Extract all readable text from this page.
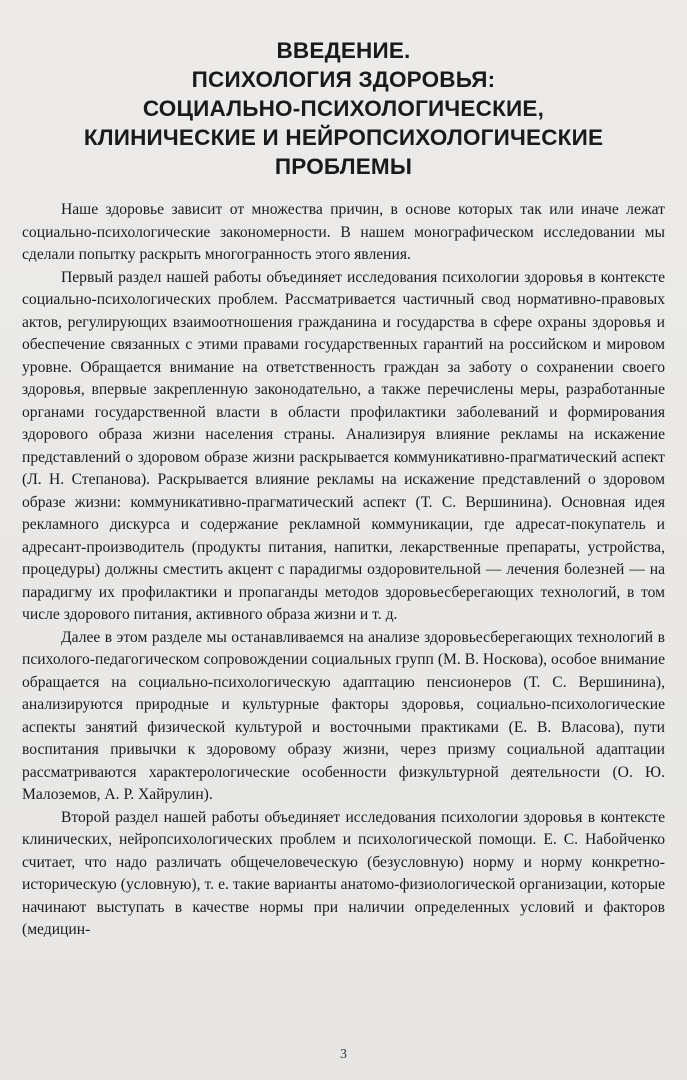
ВВЕДЕНИЕ.
ПСИХОЛОГИЯ ЗДОРОВЬЯ:
СОЦИАЛЬНО-ПСИХОЛОГИЧЕСКИЕ,
КЛИНИЧЕСКИЕ И НЕЙРОПСИХОЛОГИЧЕСКИЕ
ПРОБЛЕМЫ

Наше здоровье зависит от множества причин, в основе которых так или иначе лежат социально-психологические закономерности. В нашем монографическом исследовании мы сделали попытку раскрыть многогранность этого явления.

Первый раздел нашей работы объединяет исследования психологии здоровья в контексте социально-психологических проблем. Рассматривается частичный свод нормативно-правовых актов, регулирующих взаимоотношения гражданина и государства в сфере охраны здоровья и обеспечение связанных с этими правами государственных гарантий на российском и мировом уровне. Обращается внимание на ответственность граждан за заботу о сохранении своего здоровья, впервые закрепленную законодательно, а также перечислены меры, разработанные органами государственной власти в области профилактики заболеваний и формирования здорового образа жизни населения страны. Анализируя влияние рекламы на искажение представлений о здоровом образе жизни раскрывается коммуникативно-прагматический аспект (Л. Н. Степанова). Раскрывается влияние рекламы на искажение представлений о здоровом образе жизни: коммуникативно-прагматический аспект (Т. С. Вершинина). Основная идея рекламного дискурса и содержание рекламной коммуникации, где адресат-покупатель и адресант-производитель (продукты питания, напитки, лекарственные препараты, устройства, процедуры) должны сместить акцент с парадигмы оздоровительной — лечения болезней — на парадигму их профилактики и пропаганды методов здоровьесберегающих технологий, в том числе здорового питания, активного образа жизни и т. д.

Далее в этом разделе мы останавливаемся на анализе здоровьесберегающих технологий в психолого-педагогическом сопровождении социальных групп (М. В. Носкова), особое внимание обращается на социально-психологическую адаптацию пенсионеров (Т. С. Вершинина), анализируются природные и культурные факторы здоровья, социально-психологические аспекты занятий физической культурой и восточными практиками (Е. В. Власова), пути воспитания привычки к здоровому образу жизни, через призму социальной адаптации рассматриваются характерологические особенности физкультурной деятельности (О. Ю. Малоземов, А. Р. Хайрулин).

Второй раздел нашей работы объединяет исследования психологии здоровья в контексте клинических, нейропсихологических проблем и психологической помощи. Е. С. Набойченко считает, что надо различать общечеловеческую (безусловную) норму и норму конкретно-историческую (условную), т. е. такие варианты анатомо-физиологической организации, которые начинают выступать в качестве нормы при наличии определенных условий и факторов (медицин-

3
